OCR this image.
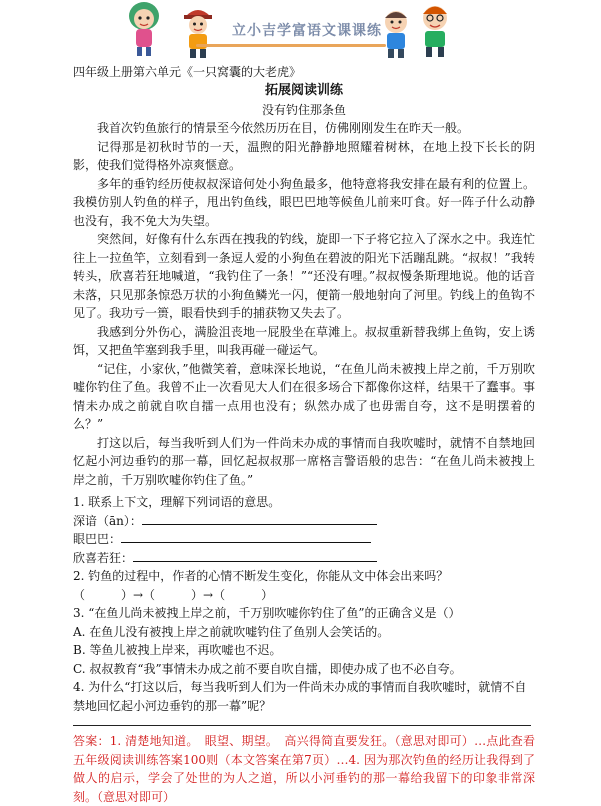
立小吉学富语文课课练

四年级上册第六单元《一只窝囊的大老虎》

拓展阅读训练

没有钓住那条鱼

我首次钓鱼旅行的情景至今依然历历在目，仿佛刚刚发生在昨天一般。

记得那是初秋时节的一天，温煦的阳光静静地照耀着树林，在地上投下长长的阴影，使我们觉得格外凉爽惬意。

多年的垂钓经历使叔叔深谙何处小狗鱼最多，他特意将我安排在最有利的位置上。我模仿别人钓鱼的样子，甩出钓鱼线，眼巴巴地等候鱼儿前来叮食。好一阵子什么动静也没有，我不免大为失望。

突然间，好像有什么东西在拽我的钓线，旋即一下子将它拉入了深水之中。我连忙往上一拉鱼竿，立刻看到一条逗人爱的小狗鱼在碧波的阳光下活蹦乱跳。“叔叔！”我转转头，欣喜若狂地喊道，“我钓住了一条！”“还没有哩。”叔叔慢条斯理地说。他的话音未落，只见那条惊恐万状的小狗鱼鳞光一闪，便箭一般地射向了河里。钓线上的鱼钩不见了。我功亏一篑，眼看快到手的捕获物又失去了。

我感到分外伤心，满脸沮丧地一屁股坐在草滩上。叔叔重新替我绑上鱼钩，安上诱饵，又把鱼竿塞到我手里，叫我再碰一碰运气。

“记住，小家伙，”他微笑着，意味深长地说，“在鱼儿尚未被拽上岸之前，千万别吹嘘你钓住了鱼。我曾不止一次看见大人们在很多场合下都像你这样，结果干了蠢事。事情未办成之前就自吹自擂一点用也没有；纵然办成了也毋需自夸，这不是明摆着的么？”

打这以后，每当我听到人们为一件尚未办成的事情而自我吹嘘时，就情不自禁地回忆起小河边垂钓的那一幕，回忆起叔叔那一席格言警语般的忠告：“在鱼儿尚未被拽上岸之前，千万别吹嘘你钓住了鱼。”

1. 联系上下文，理解下列词语的意思。

深谙（ān）：

眼巴巴：

欣喜若狂：

2. 钓鱼的过程中，作者的心情不断发生变化，你能从文中体会出来吗？

（　　　）→（　　　）→（　　　）

3. “在鱼儿尚未被拽上岸之前，千万别吹嘘你钓住了鱼”的正确含义是（）

A. 在鱼儿没有被拽上岸之前就吹嘘钓住了鱼别人会笑话的。

B. 等鱼儿被拽上岸来，再吹嘘也不迟。

C. 叔叔教育“我”事情未办成之前不要自吹自擂，即使办成了也不必自夸。

4. 为什么“打这以后，每当我听到人们为一件尚未办成的事情而自我吹嘘时，就情不自禁地回忆起小河边垂钓的那一幕”呢？

答案：1. 清楚地知道。　眼望、期望。　高兴得简直要发狂。（意思对即可）…点此查看五年级阅读训练答案100则（本文答案在第7页）…4. 因为那次钓鱼的经历让我得到了做人的启示，学会了处世的为人之道，所以小河垂钓的那一幕给我留下的印象非常深刻。（意思对即可）
